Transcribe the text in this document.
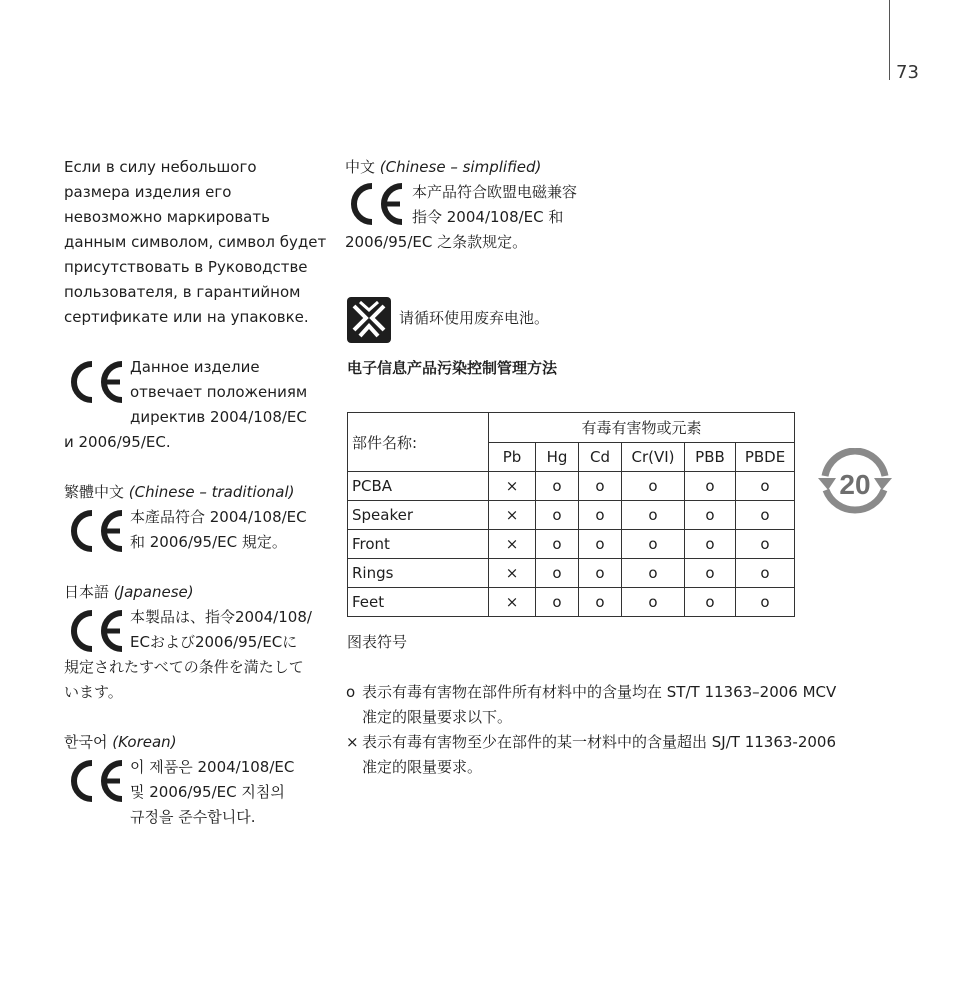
73
Если в силу небольшого
размера изделия его
невозможно маркировать
данным символом, символ будет
присутствовать в Руководстве
пользователя, в гарантийном
сертификате или на упаковке.
Данное изделие
отвечает положениям
директив 2004/108/EC
и 2006/95/EC.
繁體中文 (Chinese – traditional)
本產品符合 2004/108/EC
和 2006/95/EC 規定。
日本語 (Japanese)
本製品は、指令2004/108/
ECおよび2006/95/ECに
規定されたすべての条件を満たして
います。
한국어 (Korean)
이 제품은 2004/108/EC
및 2006/95/EC 지침의
규정을 준수합니다.
中文 (Chinese – simplified)
本产品符合欧盟电磁兼容
指令 2004/108/EC 和
2006/95/EC 之条款规定。
请循环使用废弃电池。
电子信息产品污染控制管理方法
部件名称:	有毒有害物或元素					
	Pb	Hg	Cd	Cr(VI)	PBB	PBDE
PCBA	×	o	o	o	o	o
Speaker	×	o	o	o	o	o
Front	×	o	o	o	o	o
Rings	×	o	o	o	o	o
Feet	×	o	o	o	o	o
20
图表符号
o 表示有毒有害物在部件所有材料中的含量均在 ST/T 11363–2006 MCV
准定的限量要求以下。
× 表示有毒有害物至少在部件的某一材料中的含量超出 SJ/T 11363-2006
准定的限量要求。
